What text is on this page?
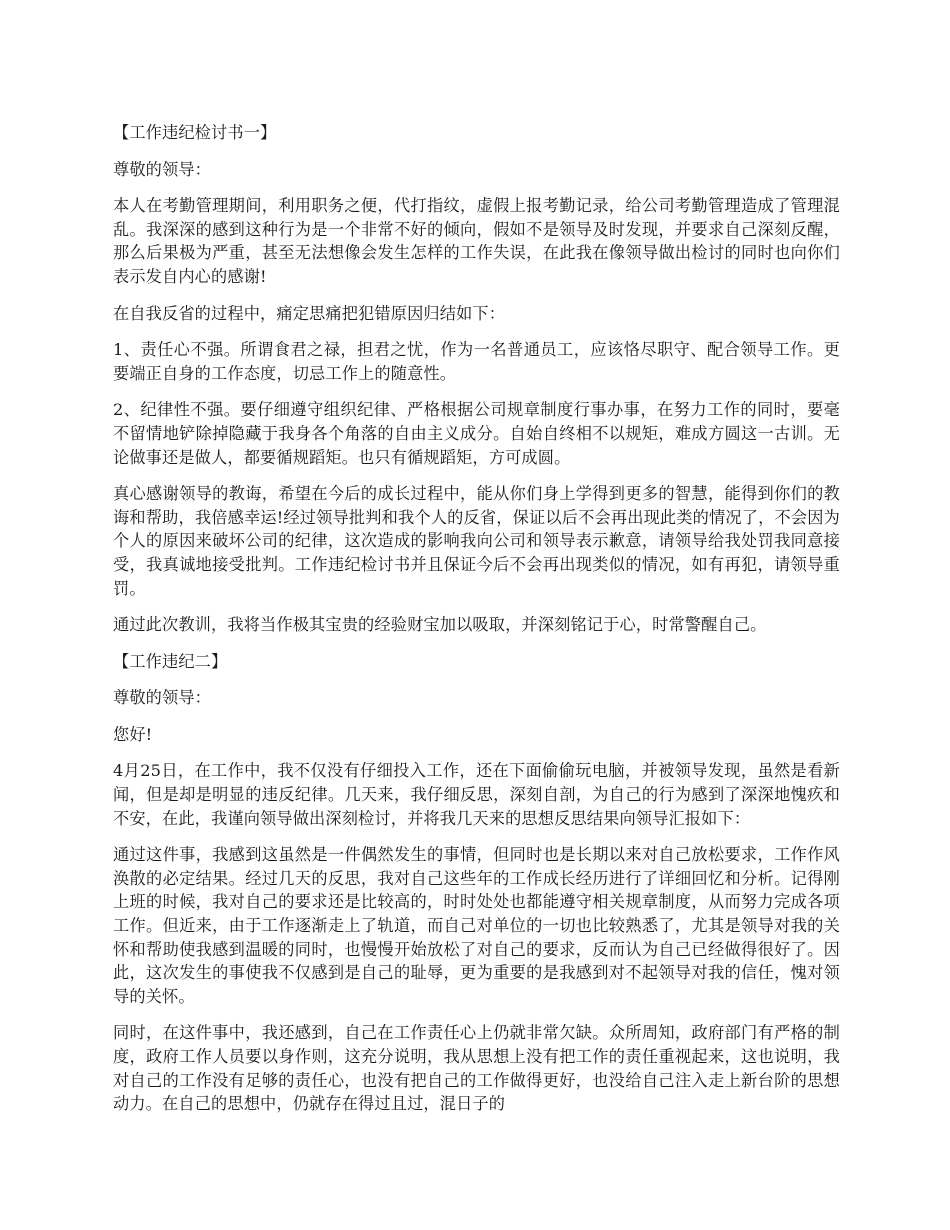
【工作违纪检讨书一】

尊敬的领导：

本人在考勤管理期间，利用职务之便，代打指纹，虚假上报考勤记录，给公司考勤管理造成了管理混乱。我深深的感到这种行为是一个非常不好的倾向，假如不是领导及时发现，并要求自己深刻反醒，那么后果极为严重，甚至无法想像会发生怎样的工作失误，在此我在像领导做出检讨的同时也向你们表示发自内心的感谢!

在自我反省的过程中，痛定思痛把犯错原因归结如下：

1、责任心不强。所谓食君之禄，担君之忧，作为一名普通员工，应该恪尽职守、配合领导工作。更要端正自身的工作态度，切忌工作上的随意性。

2、纪律性不强。要仔细遵守组织纪律、严格根据公司规章制度行事办事，在努力工作的同时，要毫不留情地铲除掉隐藏于我身各个角落的自由主义成分。自始自终相不以规矩，难成方圆这一古训。无论做事还是做人，都要循规蹈矩。也只有循规蹈矩，方可成圆。

真心感谢领导的教诲，希望在今后的成长过程中，能从你们身上学得到更多的智慧，能得到你们的教诲和帮助，我倍感幸运!经过领导批判和我个人的反省，保证以后不会再出现此类的情况了，不会因为个人的原因来破坏公司的纪律，这次造成的影响我向公司和领导表示歉意，请领导给我处罚我同意接受，我真诚地接受批判。工作违纪检讨书并且保证今后不会再出现类似的情况，如有再犯，请领导重罚。

通过此次教训，我将当作极其宝贵的经验财宝加以吸取，并深刻铭记于心，时常警醒自己。

【工作违纪二】

尊敬的领导：

您好!

4月25日，在工作中，我不仅没有仔细投入工作，还在下面偷偷玩电脑，并被领导发现，虽然是看新闻，但是却是明显的违反纪律。几天来，我仔细反思，深刻自剖，为自己的行为感到了深深地愧疚和不安，在此，我谨向领导做出深刻检讨，并将我几天来的思想反思结果向领导汇报如下：

通过这件事，我感到这虽然是一件偶然发生的事情，但同时也是长期以来对自己放松要求，工作作风涣散的必定结果。经过几天的反思，我对自己这些年的工作成长经历进行了详细回忆和分析。记得刚上班的时候，我对自己的要求还是比较高的，时时处处也都能遵守相关规章制度，从而努力完成各项工作。但近来，由于工作逐渐走上了轨道，而自己对单位的一切也比较熟悉了，尤其是领导对我的关怀和帮助使我感到温暖的同时，也慢慢开始放松了对自己的要求，反而认为自己已经做得很好了。因此，这次发生的事使我不仅感到是自己的耻辱，更为重要的是我感到对不起领导对我的信任，愧对领导的关怀。

同时，在这件事中，我还感到，自己在工作责任心上仍就非常欠缺。众所周知，政府部门有严格的制度，政府工作人员要以身作则，这充分说明，我从思想上没有把工作的责任重视起来，这也说明，我对自己的工作没有足够的责任心，也没有把自己的工作做得更好，也没给自己注入走上新台阶的思想动力。在自己的思想中，仍就存在得过且过，混日子的
